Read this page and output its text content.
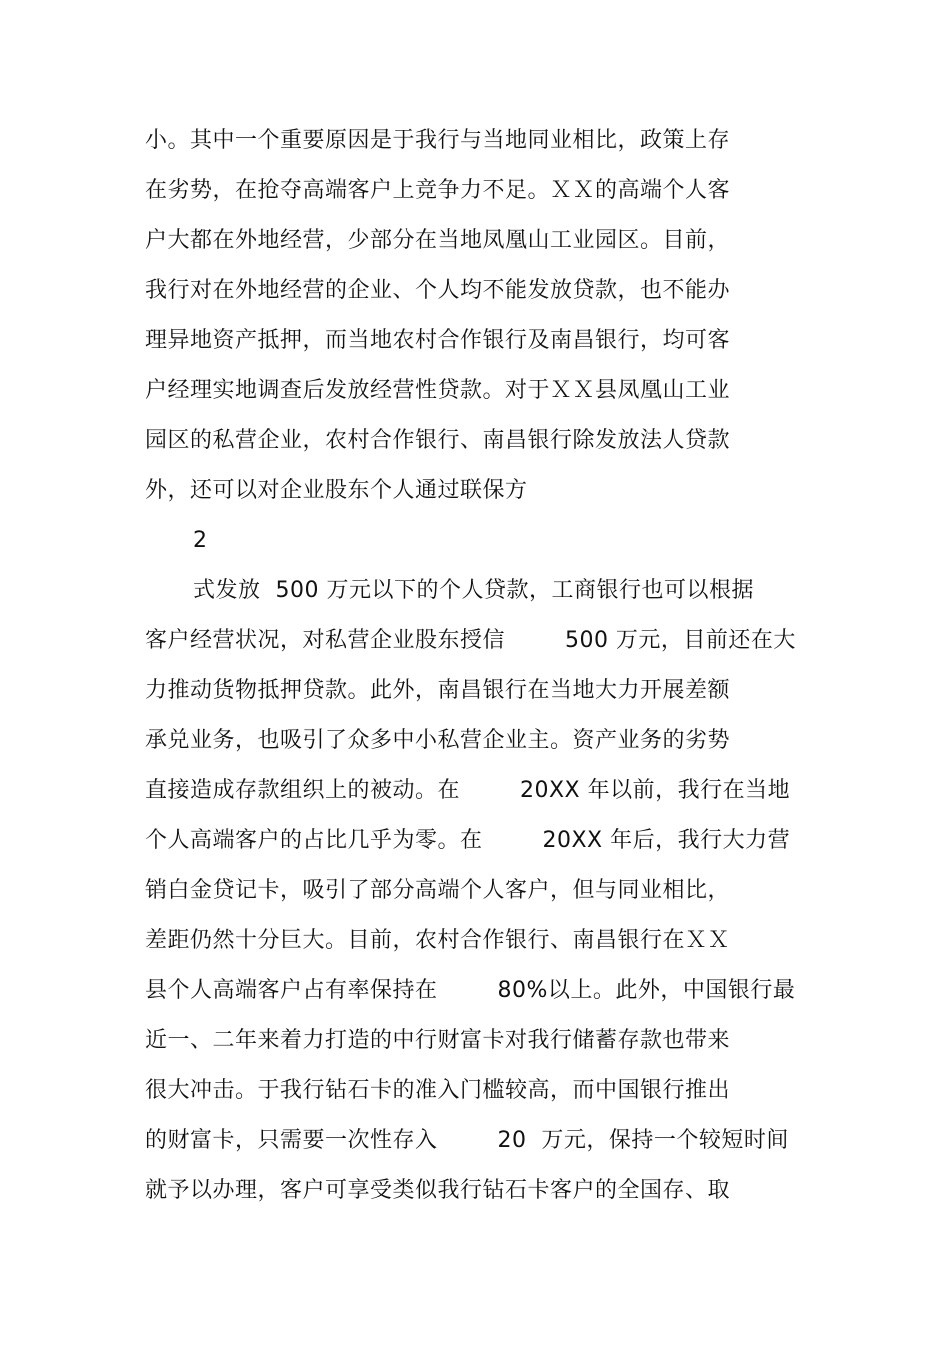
小。其中一个重要原因是于我行与当地同业相比，政策上存
在劣势，在抢夺高端客户上竞争力不足。ＸＸ的高端个人客
户大都在外地经营，少部分在当地凤凰山工业园区。目前，
我行对在外地经营的企业、个人均不能发放贷款，也不能办
理异地资产抵押，而当地农村合作银行及南昌银行，均可客
户经理实地调查后发放经营性贷款。对于ＸＸ县凤凰山工业
园区的私营企业，农村合作银行、南昌银行除发放法人贷款
外，还可以对企业股东个人通过联保方
2
式发放  500 万元以下的个人贷款，工商银行也可以根据
客户经营状况，对私营企业股东授信        500 万元，目前还在大
力推动货物抵押贷款。此外，南昌银行在当地大力开展差额
承兑业务，也吸引了众多中小私营企业主。资产业务的劣势
直接造成存款组织上的被动。在        20XX 年以前，我行在当地
个人高端客户的占比几乎为零。在        20XX 年后，我行大力营
销白金贷记卡，吸引了部分高端个人客户，但与同业相比，
差距仍然十分巨大。目前，农村合作银行、南昌银行在ＸＸ
县个人高端客户占有率保持在        80%以上。此外，中国银行最
近一、二年来着力打造的中行财富卡对我行储蓄存款也带来
很大冲击。于我行钻石卡的准入门槛较高，而中国银行推出
的财富卡，只需要一次性存入        20  万元，保持一个较短时间
就予以办理，客户可享受类似我行钻石卡客户的全国存、取
